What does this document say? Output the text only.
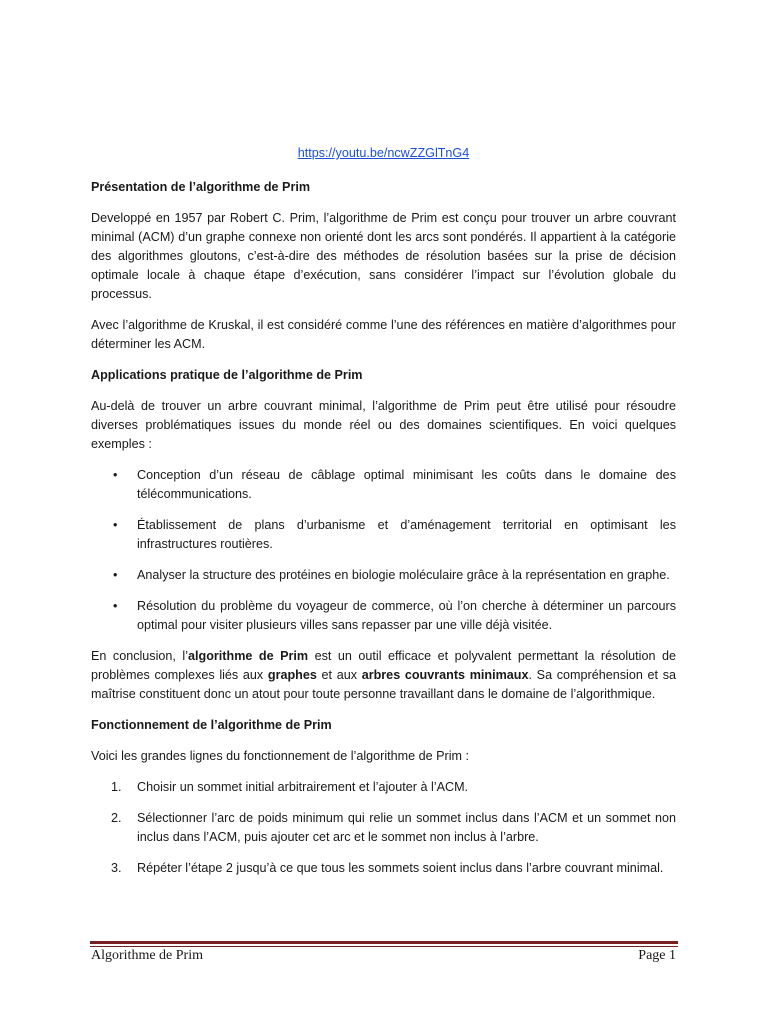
https://youtu.be/ncwZZGlTnG4
Présentation de l’algorithme de Prim

Developpé en 1957 par Robert C. Prim, l’algorithme de Prim est conçu pour trouver un arbre couvrant minimal (ACM) d’un graphe connexe non orienté dont les arcs sont pondérés. Il appartient à la catégorie des algorithmes gloutons, c’est-à-dire des méthodes de résolution basées sur la prise de décision optimale locale à chaque étape d’exécution, sans considérer l’impact sur l’évolution globale du processus.

Avec l’algorithme de Kruskal, il est considéré comme l’une des références en matière d’algorithmes pour déterminer les ACM.

Applications pratique de l’algorithme de Prim

Au-delà de trouver un arbre couvrant minimal, l’algorithme de Prim peut être utilisé pour résoudre diverses problématiques issues du monde réel ou des domaines scientifiques. En voici quelques exemples :

• Conception d’un réseau de câblage optimal minimisant les coûts dans le domaine des télécommunications.
• Établissement de plans d’urbanisme et d’aménagement territorial en optimisant les infrastructures routières.
• Analyser la structure des protéines en biologie moléculaire grâce à la représentation en graphe.
• Résolution du problème du voyageur de commerce, où l’on cherche à déterminer un parcours optimal pour visiter plusieurs villes sans repasser par une ville déjà visitée.

En conclusion, l’algorithme de Prim est un outil efficace et polyvalent permettant la résolution de problèmes complexes liés aux graphes et aux arbres couvrants minimaux. Sa compréhension et sa maîtrise constituent donc un atout pour toute personne travaillant dans le domaine de l’algorithmique.

Fonctionnement de l’algorithme de Prim

Voici les grandes lignes du fonctionnement de l’algorithme de Prim :

1. Choisir un sommet initial arbitrairement et l’ajouter à l’ACM.
2. Sélectionner l’arc de poids minimum qui relie un sommet inclus dans l’ACM et un sommet non inclus dans l’ACM, puis ajouter cet arc et le sommet non inclus à l’arbre.
3. Répéter l’étape 2 jusqu’à ce que tous les sommets soient inclus dans l’arbre couvrant minimal.
Algorithme de Prim	Page 1
